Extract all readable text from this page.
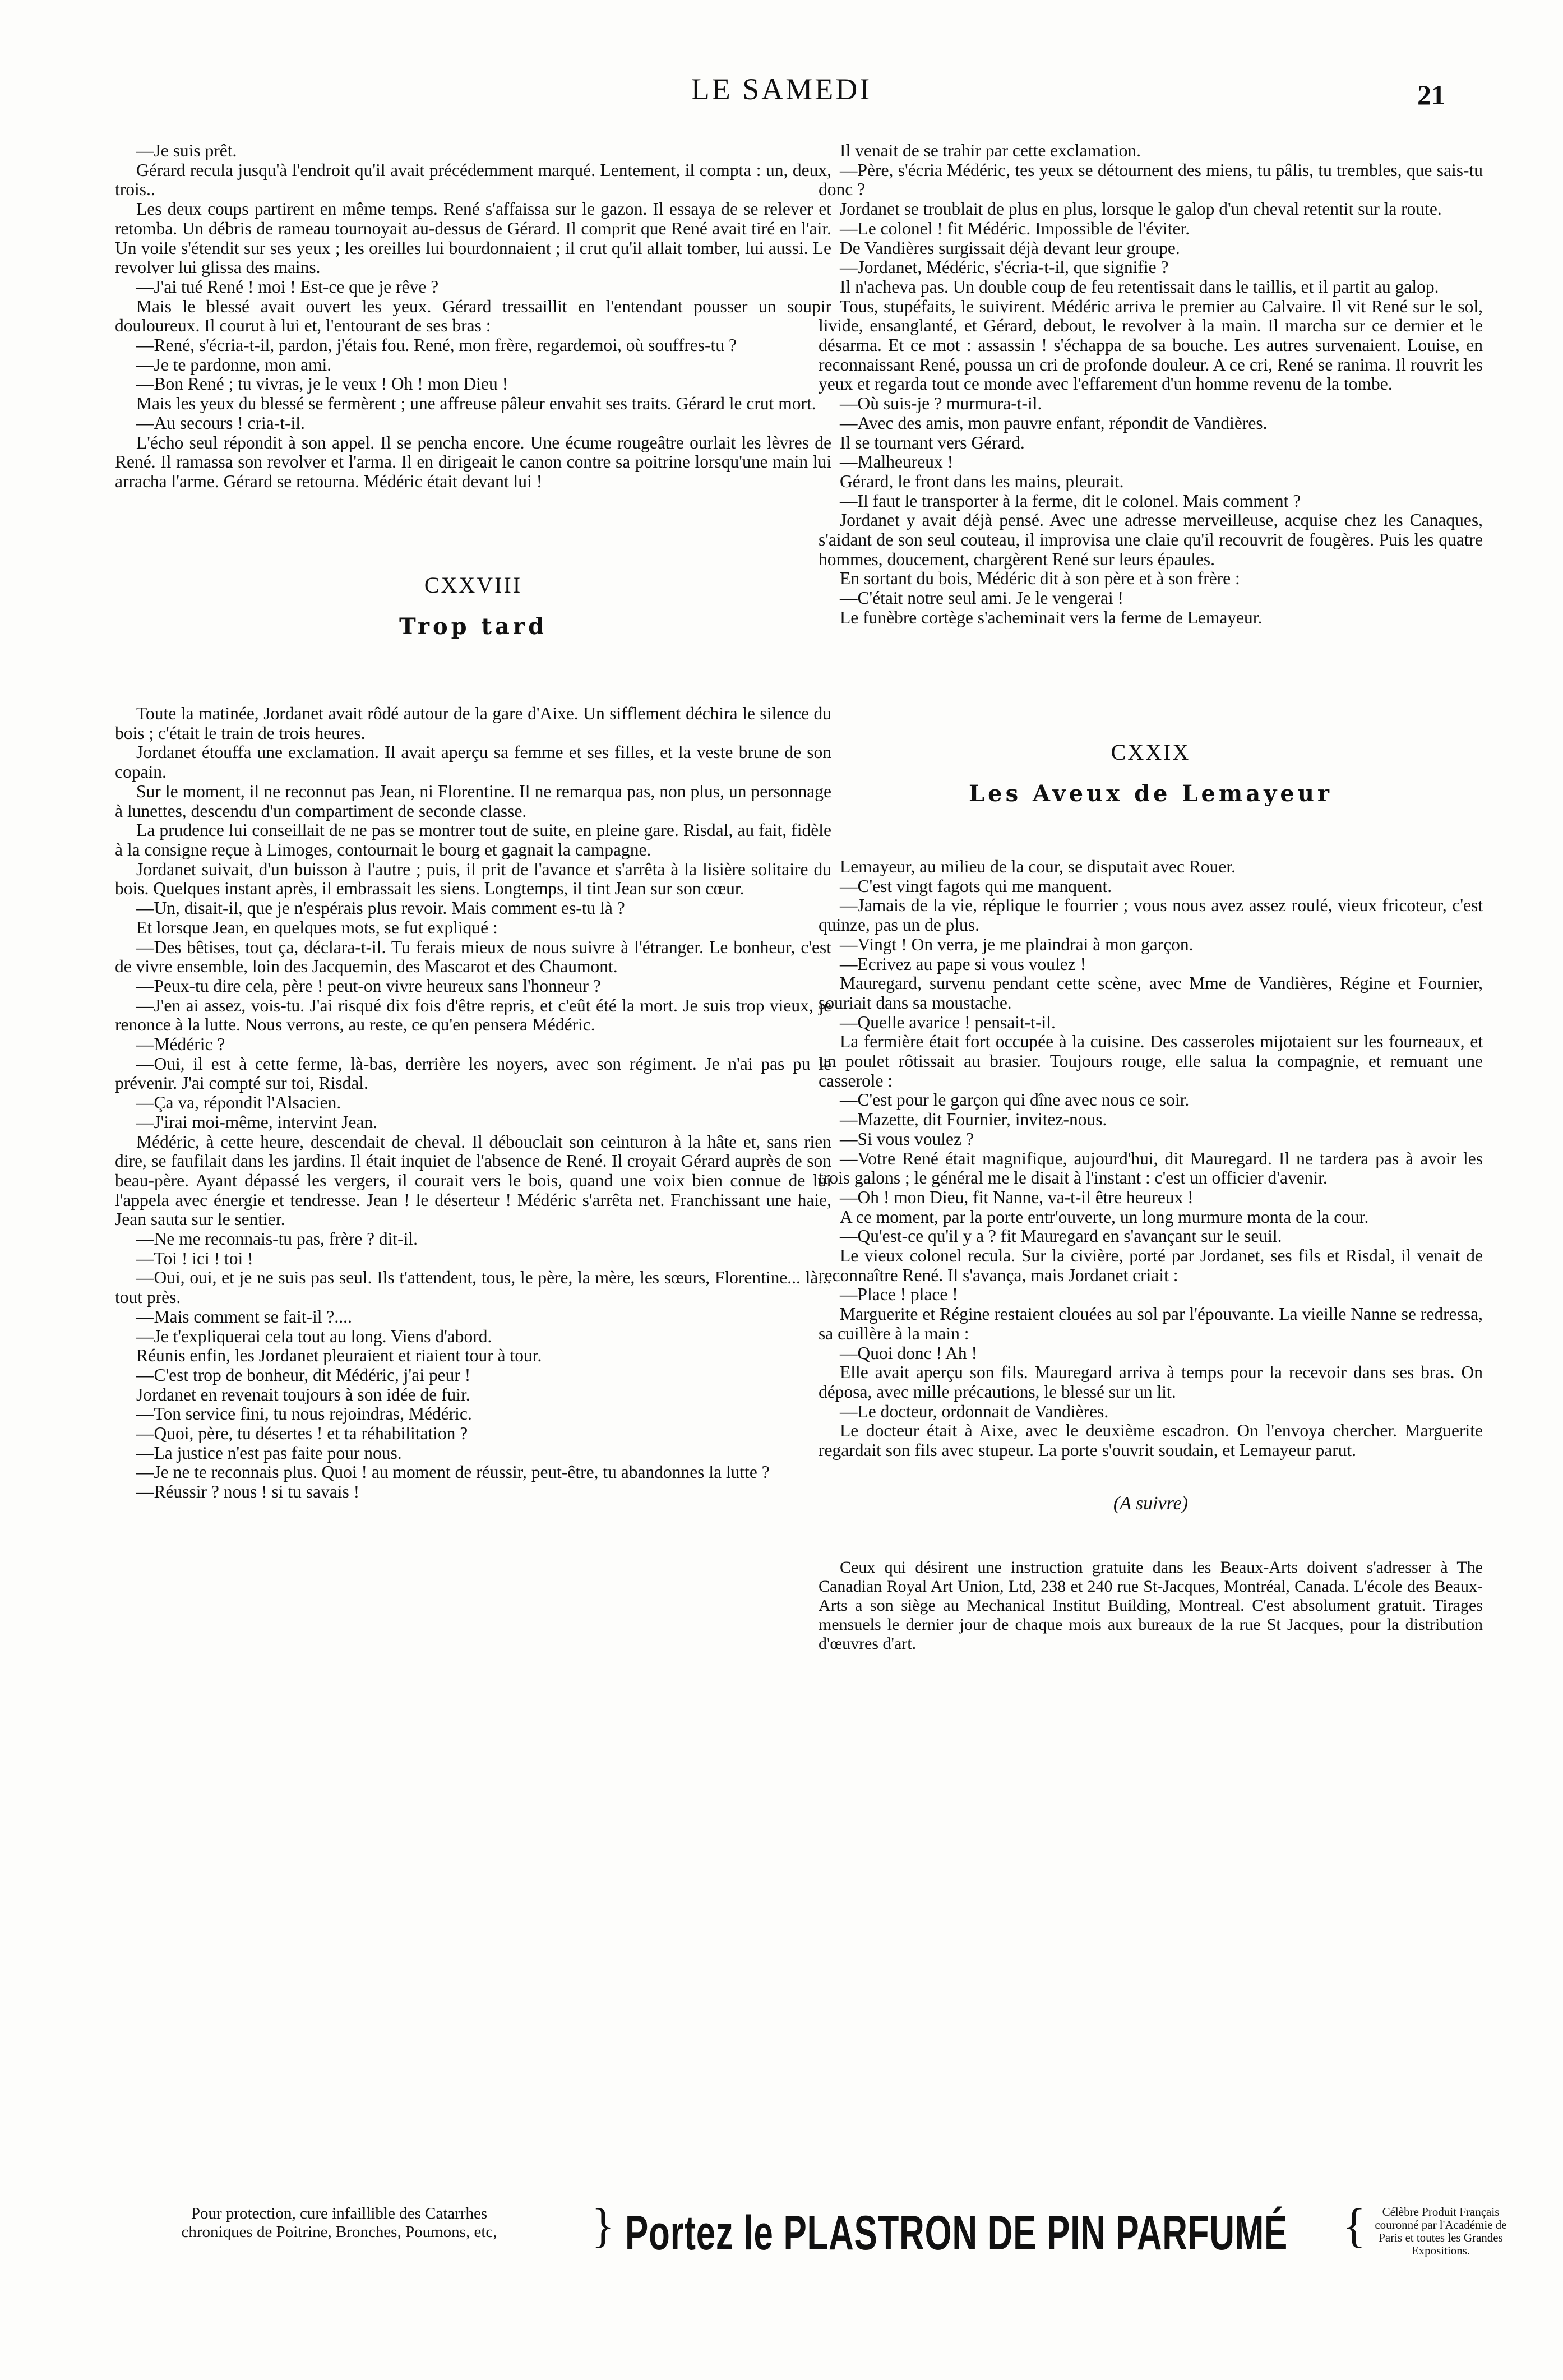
LE SAMEDI	21

—Je suis prêt.

Gérard recula jusqu'à l'endroit qu'il avait précédemment marqué. Lentement, il compta : un, deux, trois..

Les deux coups partirent en même temps. René s'affaissa sur le gazon. Il essaya de se relever et retomba. Un débris de rameau tournoyait au-dessus de Gérard. Il comprit que René avait tiré en l'air. Un voile s'étendit sur ses yeux ; les oreilles lui bourdonnaient ; il crut qu'il allait tomber, lui aussi. Le revolver lui glissa des mains.

—J'ai tué René ! moi ! Est-ce que je rêve ?

Mais le blessé avait ouvert les yeux. Gérard tressaillit en l'entendant pousser un soupir douloureux. Il courut à lui et, l'entourant de ses bras :

—René, s'écria-t-il, pardon, j'étais fou. René, mon frère, regardemoi, où souffres-tu ?

—Je te pardonne, mon ami.

—Bon René ; tu vivras, je le veux ! Oh ! mon Dieu !

Mais les yeux du blessé se fermèrent ; une affreuse pâleur envahit ses traits. Gérard le crut mort.

—Au secours ! cria-t-il.

L'écho seul répondit à son appel. Il se pencha encore. Une écume rougeâtre ourlait les lèvres de René. Il ramassa son revolver et l'arma. Il en dirigeait le canon contre sa poitrine lorsqu'une main lui arracha l'arme. Gérard se retourna. Médéric était devant lui !

CXXVIII
Trop tard

Toute la matinée, Jordanet avait rôdé autour de la gare d'Aixe. Un sifflement déchira le silence du bois ; c'était le train de trois heures.

Jordanet étouffa une exclamation. Il avait aperçu sa femme et ses filles, et la veste brune de son copain.

Sur le moment, il ne reconnut pas Jean, ni Florentine. Il ne remarqua pas, non plus, un personnage à lunettes, descendu d'un compartiment de seconde classe.

La prudence lui conseillait de ne pas se montrer tout de suite, en pleine gare. Risdal, au fait, fidèle à la consigne reçue à Limoges, contournait le bourg et gagnait la campagne.

Jordanet suivait, d'un buisson à l'autre ; puis, il prit de l'avance et s'arrêta à la lisière solitaire du bois. Quelques instant après, il embrassait les siens. Longtemps, il tint Jean sur son cœur.

—Un, disait-il, que je n'espérais plus revoir. Mais comment es-tu là ?

Et lorsque Jean, en quelques mots, se fut expliqué :

—Des bêtises, tout ça, déclara-t-il. Tu ferais mieux de nous suivre à l'étranger. Le bonheur, c'est de vivre ensemble, loin des Jacquemin, des Mascarot et des Chaumont.

—Peux-tu dire cela, père ! peut-on vivre heureux sans l'honneur ?

—J'en ai assez, vois-tu. J'ai risqué dix fois d'être repris, et c'eût été la mort. Je suis trop vieux, je renonce à la lutte. Nous verrons, au reste, ce qu'en pensera Médéric.

—Médéric ?

—Oui, il est à cette ferme, là-bas, derrière les noyers, avec son régiment. Je n'ai pas pu le prévenir. J'ai compté sur toi, Risdal.

—Ça va, répondit l'Alsacien.

—J'irai moi-même, intervint Jean.

Médéric, à cette heure, descendait de cheval. Il débouclait son ceinturon à la hâte et, sans rien dire, se faufilait dans les jardins. Il était inquiet de l'absence de René. Il croyait Gérard auprès de son beau-père. Ayant dépassé les vergers, il courait vers le bois, quand une voix bien connue de lui l'appela avec énergie et tendresse. Jean ! le déserteur ! Médéric s'arrêta net. Franchissant une haie, Jean sauta sur le sentier.

—Ne me reconnais-tu pas, frère ? dit-il.

—Toi ! ici ! toi !

—Oui, oui, et je ne suis pas seul. Ils t'attendent, tous, le père, la mère, les sœurs, Florentine... là... tout près.

—Mais comment se fait-il ?....

—Je t'expliquerai cela tout au long. Viens d'abord.

Réunis enfin, les Jordanet pleuraient et riaient tour à tour.

—C'est trop de bonheur, dit Médéric, j'ai peur !

Jordanet en revenait toujours à son idée de fuir.

—Ton service fini, tu nous rejoindras, Médéric.

—Quoi, père, tu désertes ! et ta réhabilitation ?

—La justice n'est pas faite pour nous.

—Je ne te reconnais plus. Quoi ! au moment de réussir, peut-être, tu abandonnes la lutte ?

—Réussir ? nous ! si tu savais !

Il venait de se trahir par cette exclamation.

—Père, s'écria Médéric, tes yeux se détournent des miens, tu pâlis, tu trembles, que sais-tu donc ?

Jordanet se troublait de plus en plus, lorsque le galop d'un cheval retentit sur la route.

—Le colonel ! fit Médéric. Impossible de l'éviter.

De Vandières surgissait déjà devant leur groupe.

—Jordanet, Médéric, s'écria-t-il, que signifie ?

Il n'acheva pas. Un double coup de feu retentissait dans le taillis, et il partit au galop.

Tous, stupéfaits, le suivirent. Médéric arriva le premier au Calvaire. Il vit René sur le sol, livide, ensanglanté, et Gérard, debout, le revolver à la main. Il marcha sur ce dernier et le désarma. Et ce mot : assassin ! s'échappa de sa bouche. Les autres survenaient. Louise, en reconnaissant René, poussa un cri de profonde douleur. A ce cri, René se ranima. Il rouvrit les yeux et regarda tout ce monde avec l'effarement d'un homme revenu de la tombe.

—Où suis-je ? murmura-t-il.

—Avec des amis, mon pauvre enfant, répondit de Vandières.

Il se tournant vers Gérard.

—Malheureux !

Gérard, le front dans les mains, pleurait.

—Il faut le transporter à la ferme, dit le colonel. Mais comment ?

Jordanet y avait déjà pensé. Avec une adresse merveilleuse, acquise chez les Canaques, s'aidant de son seul couteau, il improvisa une claie qu'il recouvrit de fougères. Puis les quatre hommes, doucement, chargèrent René sur leurs épaules.

En sortant du bois, Médéric dit à son père et à son frère :

—C'était notre seul ami. Je le vengerai !

Le funèbre cortège s'acheminait vers la ferme de Lemayeur.

CXXIX
Les Aveux de Lemayeur

Lemayeur, au milieu de la cour, se disputait avec Rouer.

—C'est vingt fagots qui me manquent.

—Jamais de la vie, réplique le fourrier ; vous nous avez assez roulé, vieux fricoteur, c'est quinze, pas un de plus.

—Vingt ! On verra, je me plaindrai à mon garçon.

—Ecrivez au pape si vous voulez !

Mauregard, survenu pendant cette scène, avec Mme de Vandières, Régine et Fournier, souriait dans sa moustache.

—Quelle avarice ! pensait-t-il.

La fermière était fort occupée à la cuisine. Des casseroles mijotaient sur les fourneaux, et un poulet rôtissait au brasier. Toujours rouge, elle salua la compagnie, et remuant une casserole :

—C'est pour le garçon qui dîne avec nous ce soir.

—Mazette, dit Fournier, invitez-nous.

—Si vous voulez ?

—Votre René était magnifique, aujourd'hui, dit Mauregard. Il ne tardera pas à avoir les trois galons ; le général me le disait à l'instant : c'est un officier d'avenir.

—Oh ! mon Dieu, fit Nanne, va-t-il être heureux !

A ce moment, par la porte entr'ouverte, un long murmure monta de la cour.

—Qu'est-ce qu'il y a ? fit Mauregard en s'avançant sur le seuil.

Le vieux colonel recula. Sur la civière, porté par Jordanet, ses fils et Risdal, il venait de reconnaître René. Il s'avança, mais Jordanet criait :

—Place ! place !

Marguerite et Régine restaient clouées au sol par l'épouvante. La vieille Nanne se redressa, sa cuillère à la main :

—Quoi donc ! Ah !

Elle avait aperçu son fils. Mauregard arriva à temps pour la recevoir dans ses bras. On déposa, avec mille précautions, le blessé sur un lit.

—Le docteur, ordonnait de Vandières.

Le docteur était à Aixe, avec le deuxième escadron. On l'envoya chercher. Marguerite regardait son fils avec stupeur. La porte s'ouvrit soudain, et Lemayeur parut.

(A suivre)

Ceux qui désirent une instruction gratuite dans les Beaux-Arts doivent s'adresser à The Canadian Royal Art Union, Ltd, 238 et 240 rue St-Jacques, Montréal, Canada. L'école des Beaux-Arts a son siège au Mechanical Institut Building, Montreal. C'est absolument gratuit. Tirages mensuels le dernier jour de chaque mois aux bureaux de la rue St Jacques, pour la distribution d'œuvres d'art.

Pour protection, cure infaillible des Catarrhes
chroniques de Poitrine, Bronches, Poumons, etc,	} Portez le PLASTRON DE PIN PARFUMÉ {	Célèbre Produit Français couronné par l'Académie de Paris et toutes les Grandes Expositions.
